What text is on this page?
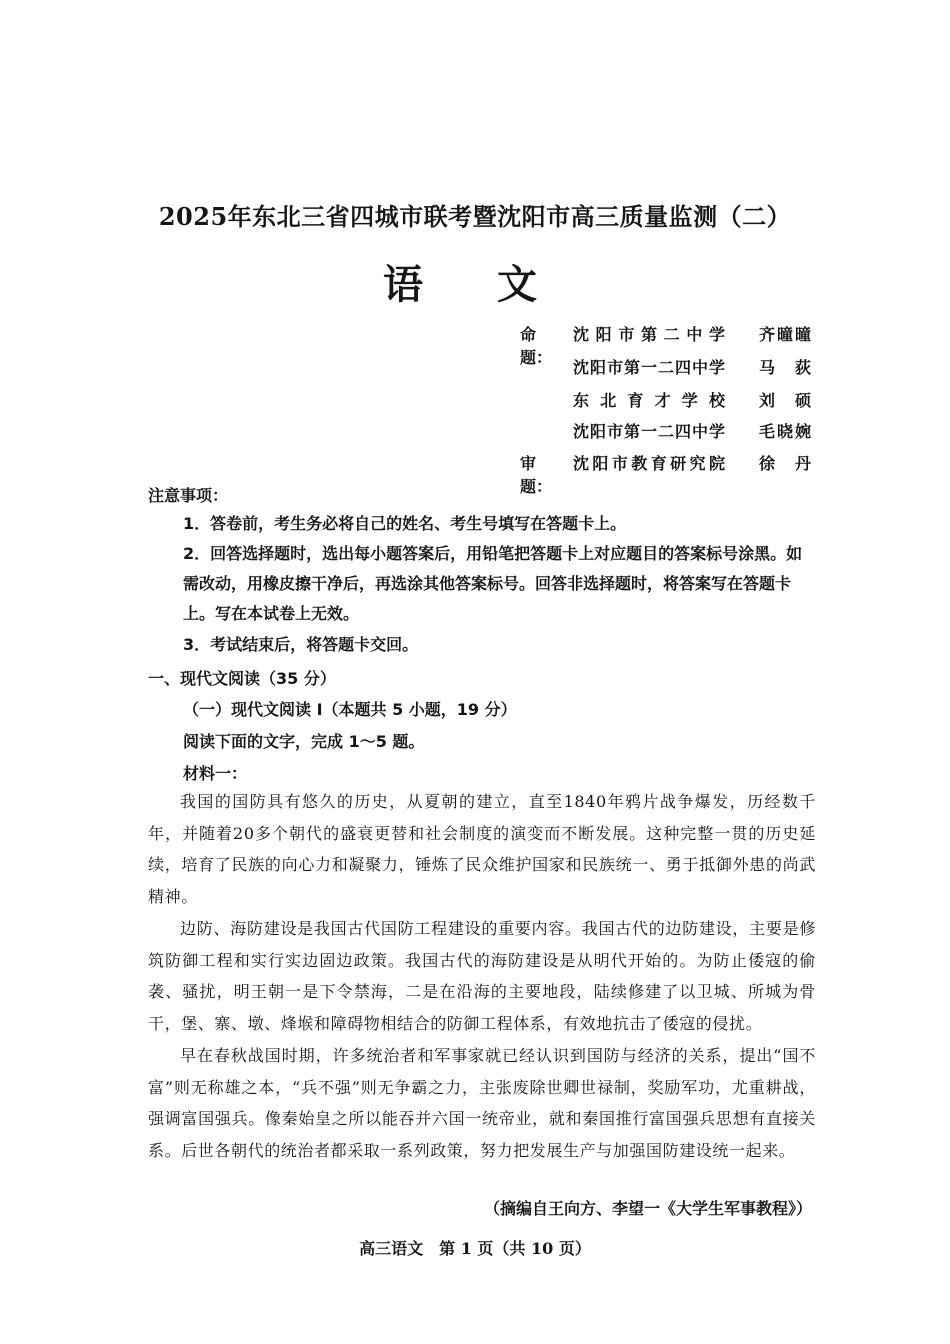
2025年东北三省四城市联考暨沈阳市高三质量监测（二）
语 文
命题：
沈阳市第二中学 齐曈曈
沈阳市第一二四中学 马 荻
东北育才学校 刘 硕
沈阳市第一二四中学 毛晓婉
审题：
沈阳市教育研究院 徐 丹
注意事项：
1．答卷前，考生务必将自己的姓名、考生号填写在答题卡上。
2．回答选择题时，选出每小题答案后，用铅笔把答题卡上对应题目的答案标号涂黑。如需改动，用橡皮擦干净后，再选涂其他答案标号。回答非选择题时，将答案写在答题卡上。写在本试卷上无效。
3．考试结束后，将答题卡交回。
一、现代文阅读（35 分）
（一）现代文阅读 I（本题共 5 小题，19 分）
阅读下面的文字，完成 1～5 题。
材料一：
我国的国防具有悠久的历史，从夏朝的建立，直至1840年鸦片战争爆发，历经数千年，并随着20多个朝代的盛衰更替和社会制度的演变而不断发展。这种完整一贯的历史延续，培育了民族的向心力和凝聚力，锤炼了民众维护国家和民族统一、勇于抵御外患的尚武精神。
边防、海防建设是我国古代国防工程建设的重要内容。我国古代的边防建设，主要是修筑防御工程和实行实边固边政策。我国古代的海防建设是从明代开始的。为防止倭寇的偷袭、骚扰，明王朝一是下令禁海，二是在沿海的主要地段，陆续修建了以卫城、所城为骨干，堡、寨、墩、烽堠和障碍物相结合的防御工程体系，有效地抗击了倭寇的侵扰。
早在春秋战国时期，许多统治者和军事家就已经认识到国防与经济的关系，提出“国不富”则无称雄之本，“兵不强”则无争霸之力，主张废除世卿世禄制，奖励军功，尤重耕战，强调富国强兵。像秦始皇之所以能吞并六国一统帝业，就和秦国推行富国强兵思想有直接关系。后世各朝代的统治者都采取一系列政策，努力把发展生产与加强国防建设统一起来。
（摘编自王向方、李望一《大学生军事教程》）
高三语文　第 1 页（共 10 页）
